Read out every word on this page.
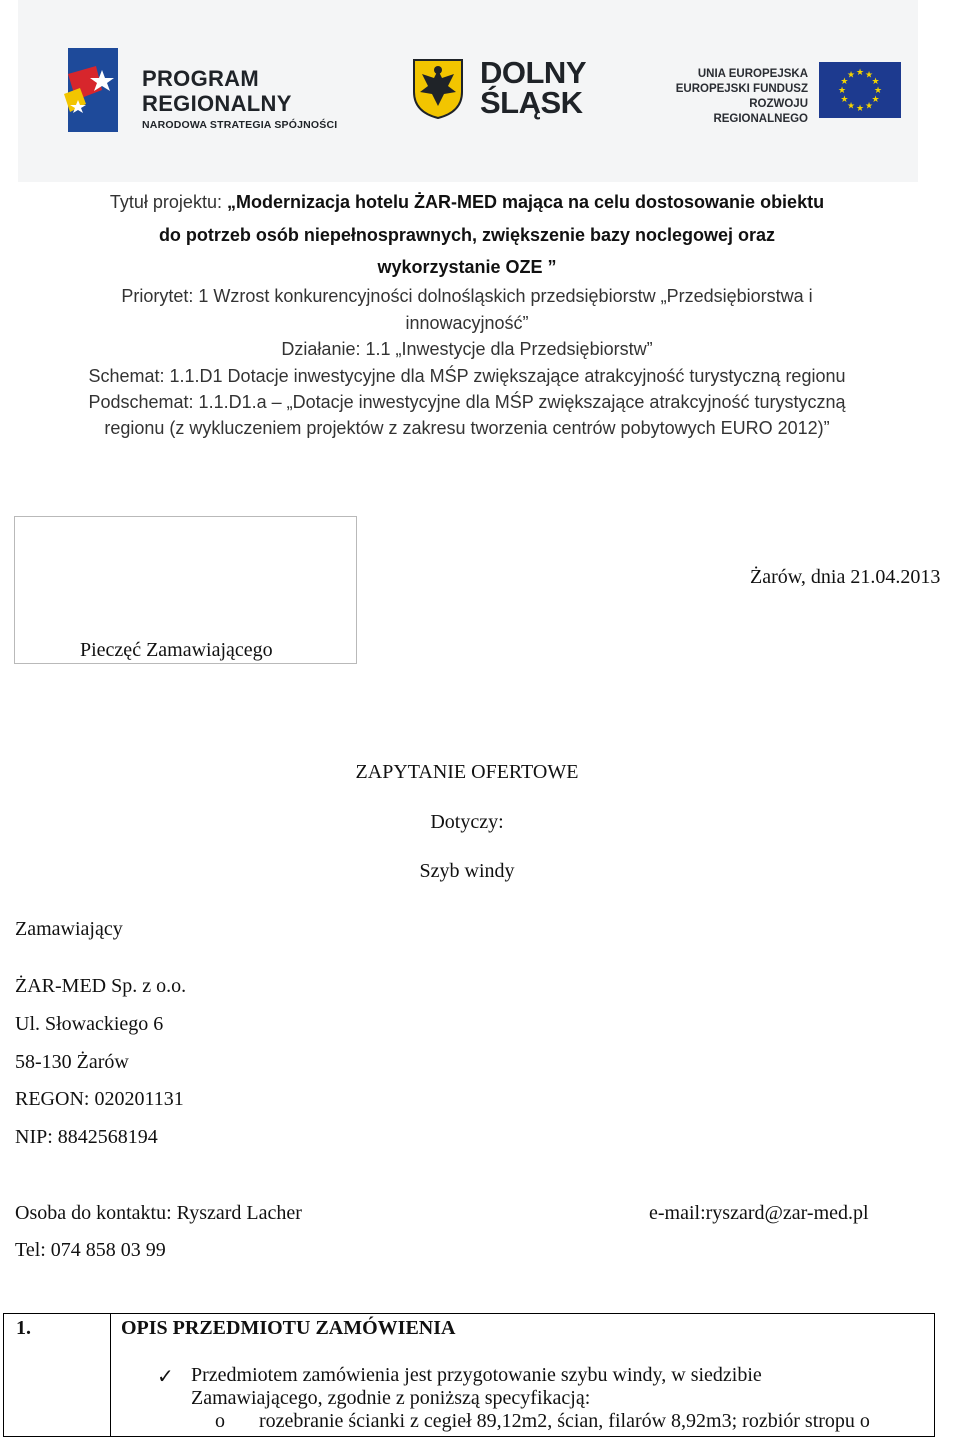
PROGRAM
REGIONALNY
NARODOWA STRATEGIA SPÓJNOŚCI
DOLNY
ŚLĄSK
UNIA EUROPEJSKA
EUROPEJSKI FUNDUSZ
ROZWOJU REGIONALNEGO
★
★
★
★
★
★
★
★
★ ★ ★
★
Tytuł projektu: „Modernizacja hotelu ŻAR-MED mająca na celu dostosowanie obiektu
do potrzeb osób niepełnosprawnych, zwiększenie bazy noclegowej oraz
wykorzystanie OZE ”
Priorytet: 1 Wzrost konkurencyjności dolnośląskich przedsiębiorstw „Przedsiębiorstwa i
innowacyjność”
Działanie: 1.1 „Inwestycje dla Przedsiębiorstw”
Schemat: 1.1.D1 Dotacje inwestycyjne dla MŚP zwiększające atrakcyjność turystyczną regionu
Podschemat: 1.1.D1.a – „Dotacje inwestycyjne dla MŚP zwiększające atrakcyjność turystyczną
regionu (z wykluczeniem projektów z zakresu tworzenia centrów pobytowych EURO 2012)”
Pieczęć Zamawiającego
Żarów, dnia 21.04.2013
ZAPYTANIE OFERTOWE
Dotyczy:
Szyb windy
Zamawiający
ŻAR-MED Sp. z o.o.
Ul. Słowackiego 6
58-130 Żarów
REGON: 020201131
NIP: 8842568194
Osoba do kontaktu: Ryszard Lacher	e-mail:ryszard@zar-med.pl
Tel: 074 858 03 99
1.	OPIS PRZEDMIOTU ZAMÓWIENIA
✓ Przedmiotem zamówienia jest przygotowanie szybu windy, w siedzibie
Zamawiającego, zgodnie z poniższą specyfikacją:
o	rozebranie ścianki z cegieł 89,12m2, ścian, filarów 8,92m3; rozbiór stropu o
